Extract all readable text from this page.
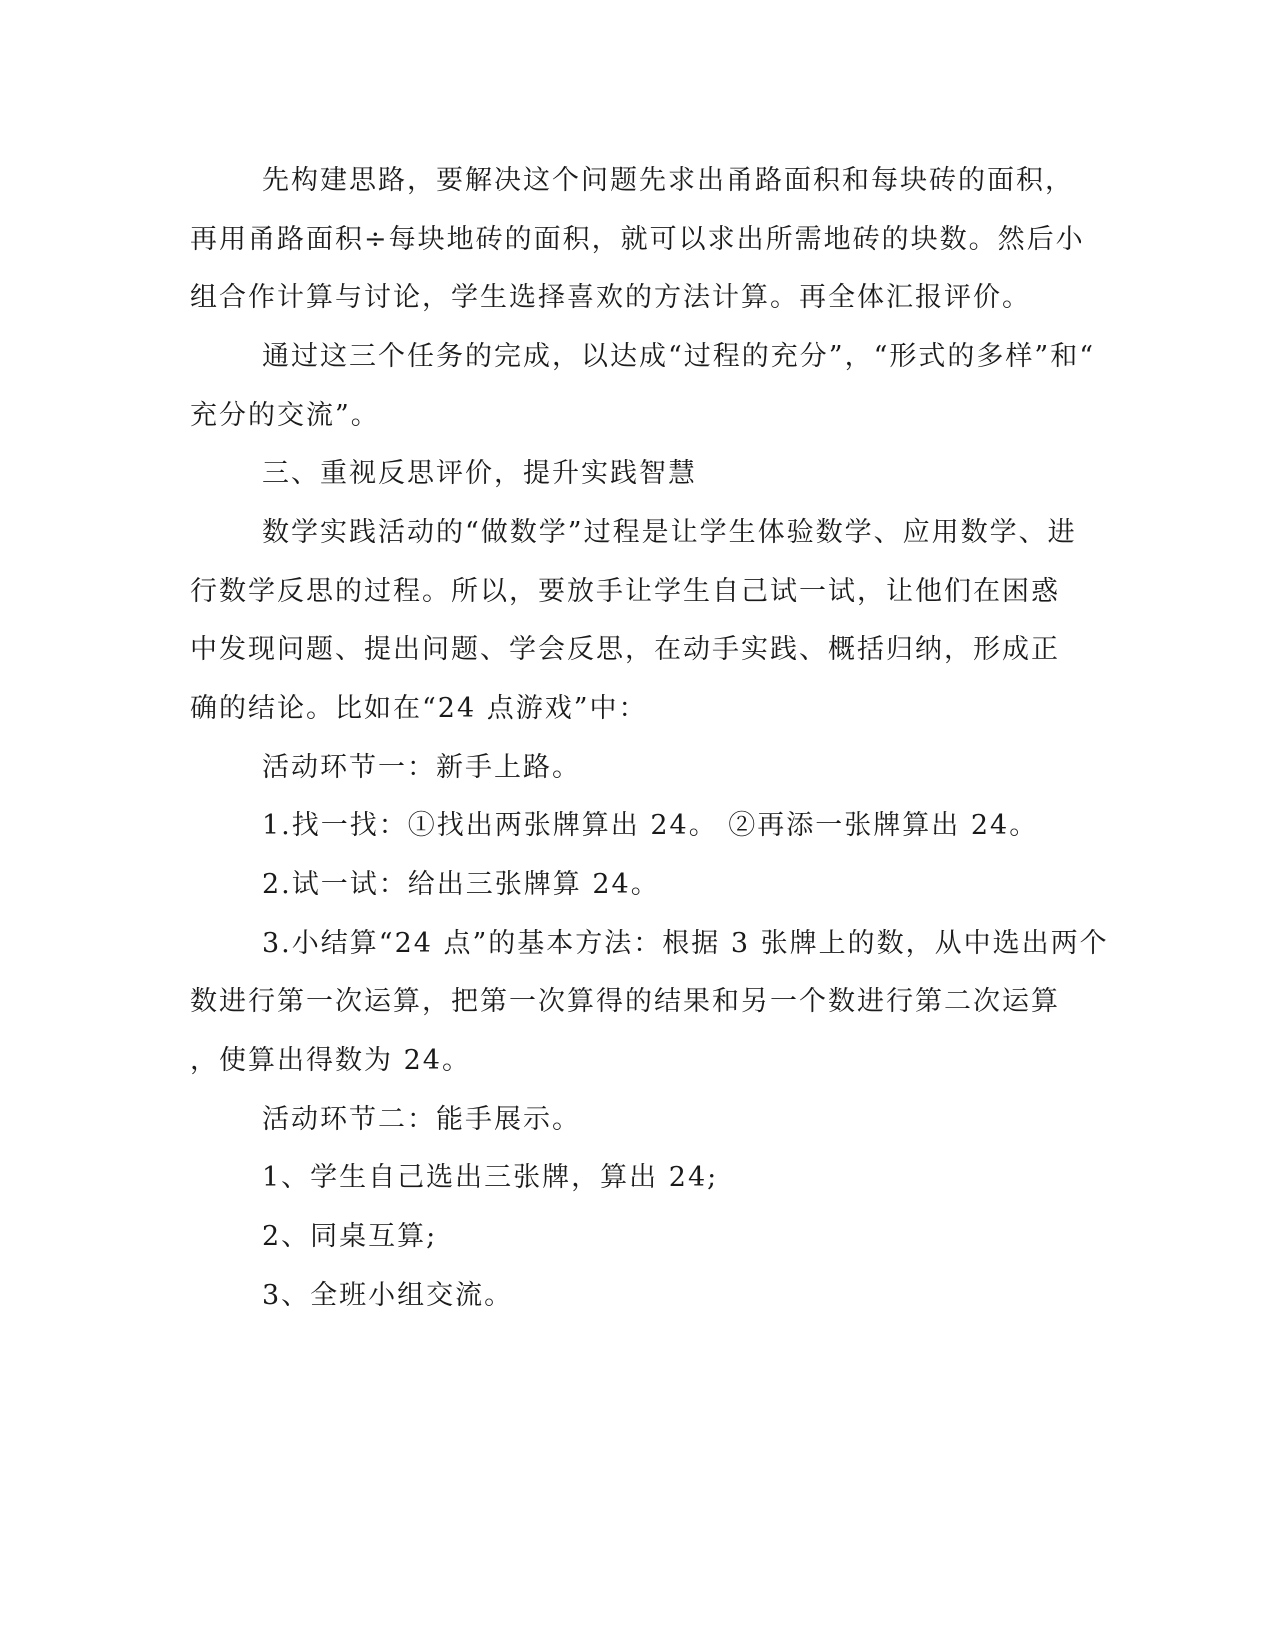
先构建思路，要解决这个问题先求出甬路面积和每块砖的面积，
再用甬路面积÷每块地砖的面积，就可以求出所需地砖的块数。然后小
组合作计算与讨论，学生选择喜欢的方法计算。再全体汇报评价。
通过这三个任务的完成，以达成“过程的充分”，“形式的多样”和“
充分的交流”。
三、重视反思评价，提升实践智慧
数学实践活动的“做数学”过程是让学生体验数学、应用数学、进
行数学反思的过程。所以，要放手让学生自己试一试，让他们在困惑
中发现问题、提出问题、学会反思，在动手实践、概括归纳，形成正
确的结论。比如在“24 点游戏”中：
活动环节一：新手上路。
1.找一找：①找出两张牌算出 24。 ②再添一张牌算出 24。
2.试一试：给出三张牌算 24。
3.小结算“24 点”的基本方法：根据 3 张牌上的数，从中选出两个
数进行第一次运算，把第一次算得的结果和另一个数进行第二次运算
，使算出得数为 24。
活动环节二：能手展示。
1、学生自己选出三张牌，算出 24;
2、同桌互算;
3、全班小组交流。
